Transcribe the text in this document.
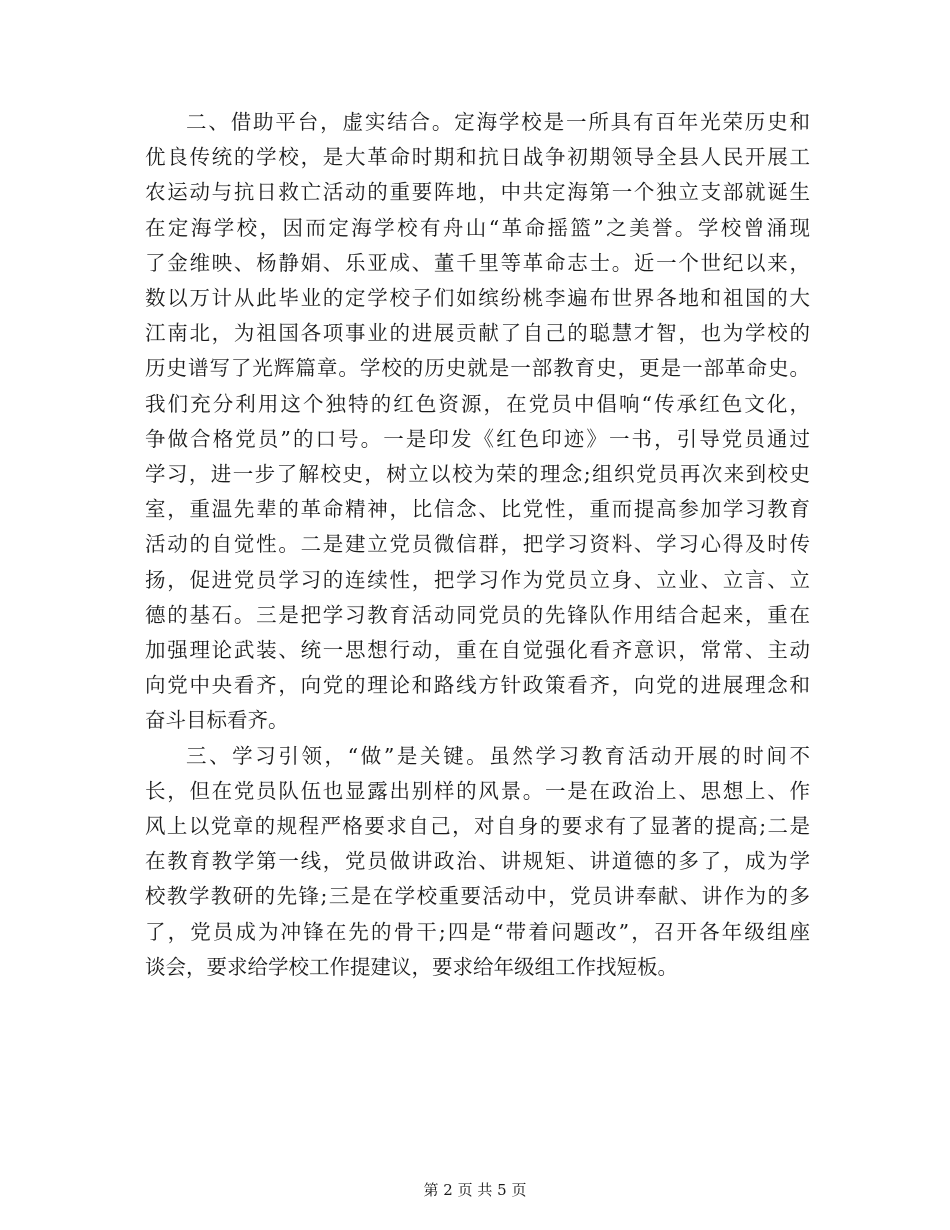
二、借助平台，虚实结合。定海学校是一所具有百年光荣历史和
优良传统的学校，是大革命时期和抗日战争初期领导全县人民开展工
农运动与抗日救亡活动的重要阵地，中共定海第一个独立支部就诞生
在定海学校，因而定海学校有舟山“革命摇篮”之美誉。学校曾涌现
了金维映、杨静娟、乐亚成、董千里等革命志士。近一个世纪以来，
数以万计从此毕业的定学校子们如缤纷桃李遍布世界各地和祖国的大
江南北，为祖国各项事业的进展贡献了自己的聪慧才智，也为学校的
历史谱写了光辉篇章。学校的历史就是一部教育史，更是一部革命史。
我们充分利用这个独特的红色资源，在党员中倡响“传承红色文化，
争做合格党员”的口号。一是印发《红色印迹》一书，引导党员通过
学习，进一步了解校史，树立以校为荣的理念;组织党员再次来到校史
室，重温先辈的革命精神，比信念、比党性，重而提高参加学习教育
活动的自觉性。二是建立党员微信群，把学习资料、学习心得及时传
扬，促进党员学习的连续性，把学习作为党员立身、立业、立言、立
德的基石。三是把学习教育活动同党员的先锋队作用结合起来，重在
加强理论武装、统一思想行动，重在自觉强化看齐意识，常常、主动
向党中央看齐，向党的理论和路线方针政策看齐，向党的进展理念和
奋斗目标看齐。
三、学习引领，“做”是关键。虽然学习教育活动开展的时间不
长，但在党员队伍也显露出别样的风景。一是在政治上、思想上、作
风上以党章的规程严格要求自己，对自身的要求有了显著的提高;二是
在教育教学第一线，党员做讲政治、讲规矩、讲道德的多了，成为学
校教学教研的先锋;三是在学校重要活动中，党员讲奉献、讲作为的多
了，党员成为冲锋在先的骨干;四是“带着问题改”，召开各年级组座
谈会，要求给学校工作提建议，要求给年级组工作找短板。
第 2 页 共 5 页
